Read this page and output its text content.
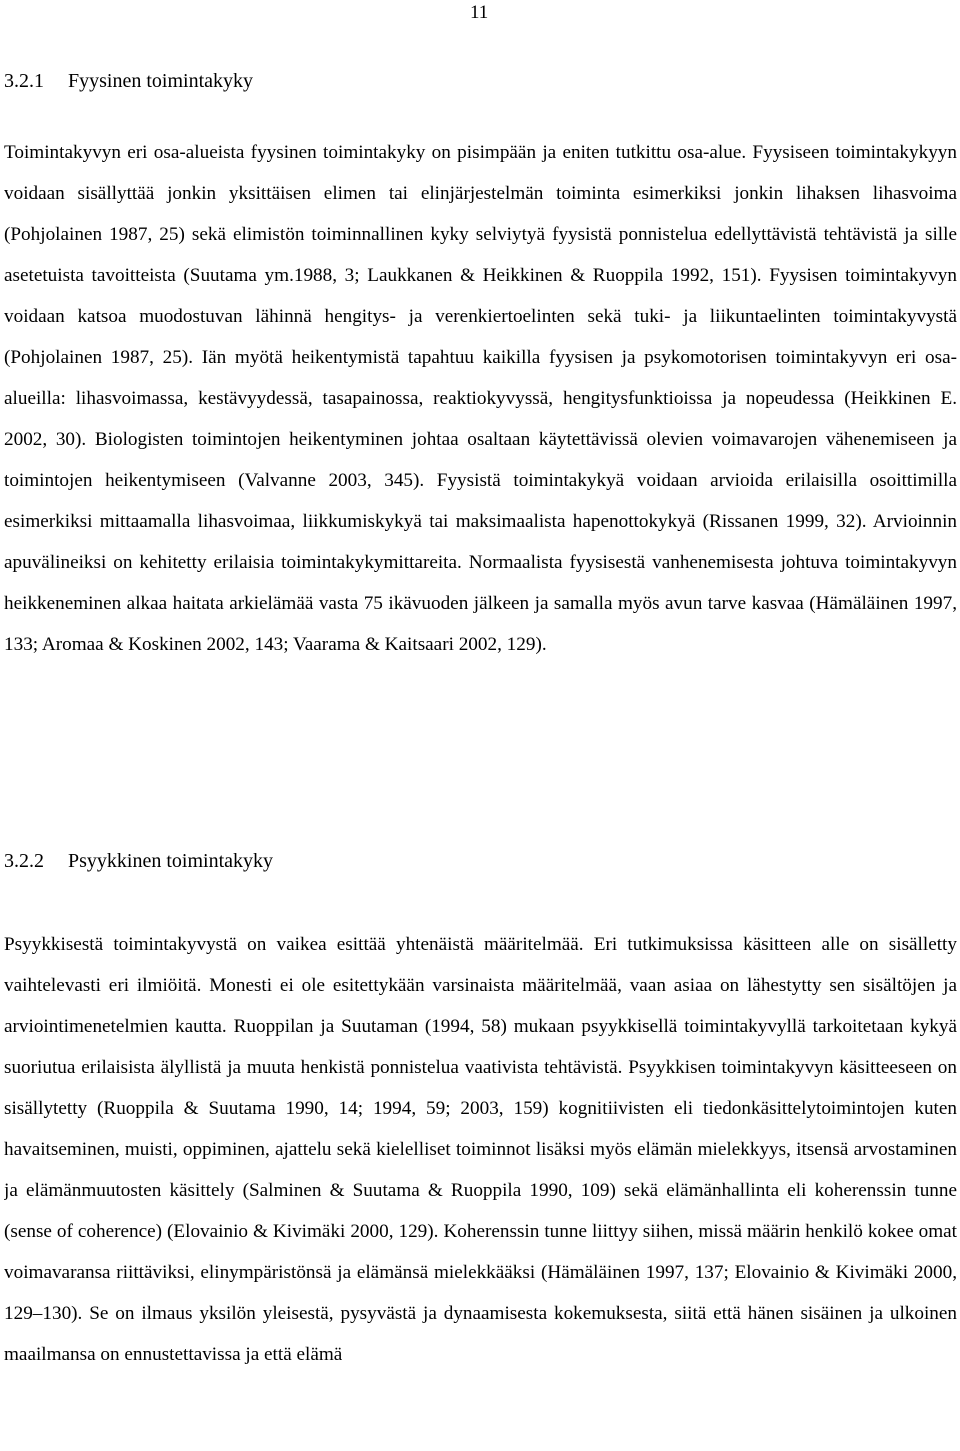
11
3.2.1 Fyysinen toimintakyky

Toimintakyvyn eri osa-alueista fyysinen toimintakyky on pisimpään ja eniten tutkittu osa-alue. Fyysiseen toimintakykyyn voidaan sisällyttää jonkin yksittäisen elimen tai elinjärjestelmän toiminta esimerkiksi jonkin lihaksen lihasvoima (Pohjolainen 1987, 25) sekä elimistön toiminnallinen kyky selviytyä fyysistä ponnistelua edellyttävistä tehtävistä ja sille asetetuista tavoitteista (Suutama ym.1988, 3; Laukkanen & Heikkinen & Ruoppila 1992, 151). Fyysisen toimintakyvyn voidaan katsoa muodostuvan lähinnä hengitys- ja verenkiertoelinten sekä tuki- ja liikuntaelinten toimintakyvystä (Pohjolainen 1987, 25). Iän myötä heikentymistä tapahtuu kaikilla fyysisen ja psykomotorisen toimintakyvyn eri osa-alueilla: lihasvoimassa, kestävyydessä, tasapainossa, reaktiokyvyssä, hengitysfunktioissa ja nopeudessa (Heikkinen E. 2002, 30). Biologisten toimintojen heikentyminen johtaa osaltaan käytettävissä olevien voimavarojen vähenemiseen ja toimintojen heikentymiseen (Valvanne 2003, 345). Fyysistä toimintakykyä voidaan arvioida erilaisilla osoittimilla esimerkiksi mittaamalla lihasvoimaa, liikkumiskykyä tai maksimaalista hapenottokykyä (Rissanen 1999, 32). Arvioinnin apuvälineiksi on kehitetty erilaisia toimintakykymittareita. Normaalista fyysisestä vanhenemisesta johtuva toimintakyvyn heikkeneminen alkaa haitata arkielämää vasta 75 ikävuoden jälkeen ja samalla myös avun tarve kasvaa (Hämäläinen 1997, 133; Aromaa & Koskinen 2002, 143; Vaarama & Kaitsaari 2002, 129).

3.2.2 Psyykkinen toimintakyky

Psyykkisestä toimintakyvystä on vaikea esittää yhtenäistä määritelmää. Eri tutkimuksissa käsitteen alle on sisälletty vaihtelevasti eri ilmiöitä. Monesti ei ole esitettykään varsinaista määritelmää, vaan asiaa on lähestytty sen sisältöjen ja arviointimenetelmien kautta. Ruoppilan ja Suutaman (1994, 58) mukaan psyykkisellä toimintakyvyllä tarkoitetaan kykyä suoriutua erilaisista älyllistä ja muuta henkistä ponnistelua vaativista tehtävistä. Psyykkisen toimintakyvyn käsitteeseen on sisällytetty (Ruoppila & Suutama 1990, 14; 1994, 59; 2003, 159) kognitiivisten eli tiedonkäsittelytoimintojen kuten havaitseminen, muisti, oppiminen, ajattelu sekä kielelliset toiminnot lisäksi myös elämän mielekkyys, itsensä arvostaminen ja elämänmuutosten käsittely (Salminen & Suutama & Ruoppila 1990, 109) sekä elämänhallinta eli koherenssin tunne (sense of coherence) (Elovainio & Kivimäki 2000, 129). Koherenssin tunne liittyy siihen, missä määrin henkilö kokee omat voimavaransa riittäviksi, elinympäristönsä ja elämänsä mielekkääksi (Hämäläinen 1997, 137; Elovainio & Kivimäki 2000, 129–130). Se on ilmaus yksilön yleisestä, pysyvästä ja dynaamisesta kokemuksesta, siitä että hänen sisäinen ja ulkoinen maailmansa on ennustettavissa ja että elämä
